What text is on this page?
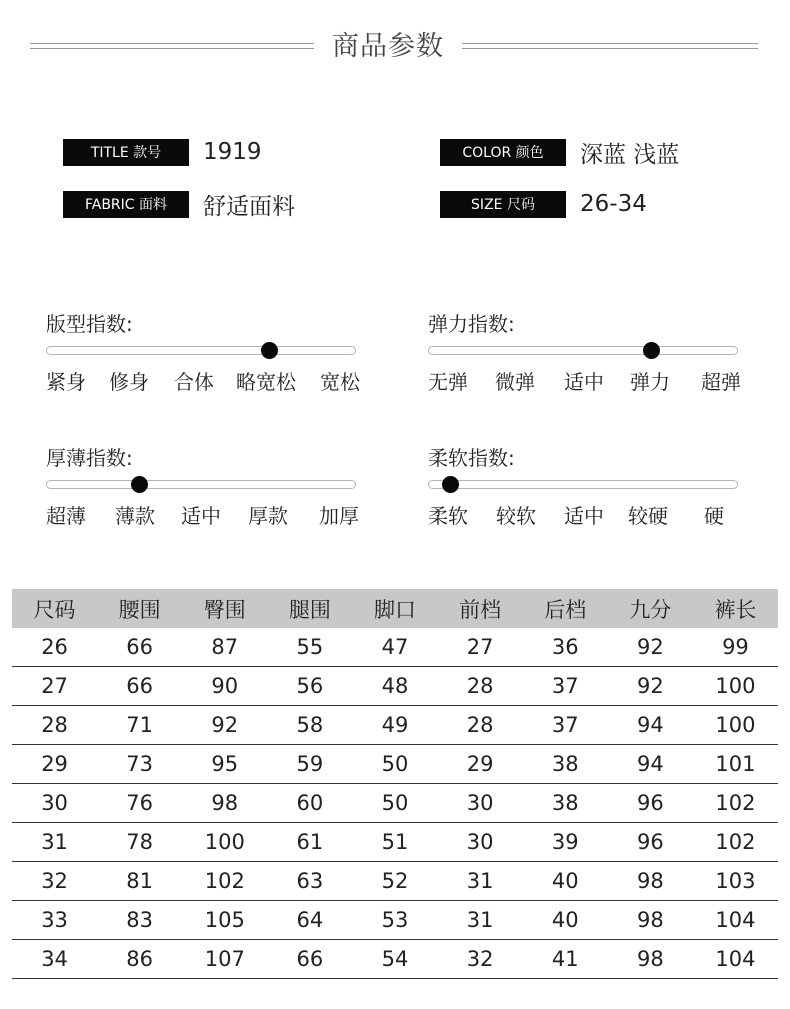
商品参数
TITLE 款号	1919	COLOR 颜色	深蓝 浅蓝
FABRIC 面料	舒适面料	SIZE 尺码	26-34
版型指数:
紧身 修身 合体 略宽松 宽松
弹力指数:
无弹 微弹 适中 弹力 超弹
厚薄指数:
超薄 薄款 适中 厚款 加厚
柔软指数:
柔软 较软 适中 较硬 硬
尺码	腰围	臀围	腿围	脚口	前档	后档	九分	裤长
26	66	87	55	47	27	36	92	99
27	66	90	56	48	28	37	92	100
28	71	92	58	49	28	37	94	100
29	73	95	59	50	29	38	94	101
30	76	98	60	50	30	38	96	102
31	78	100	61	51	30	39	96	102
32	81	102	63	52	31	40	98	103
33	83	105	64	53	31	40	98	104
34	86	107	66	54	32	41	98	104
